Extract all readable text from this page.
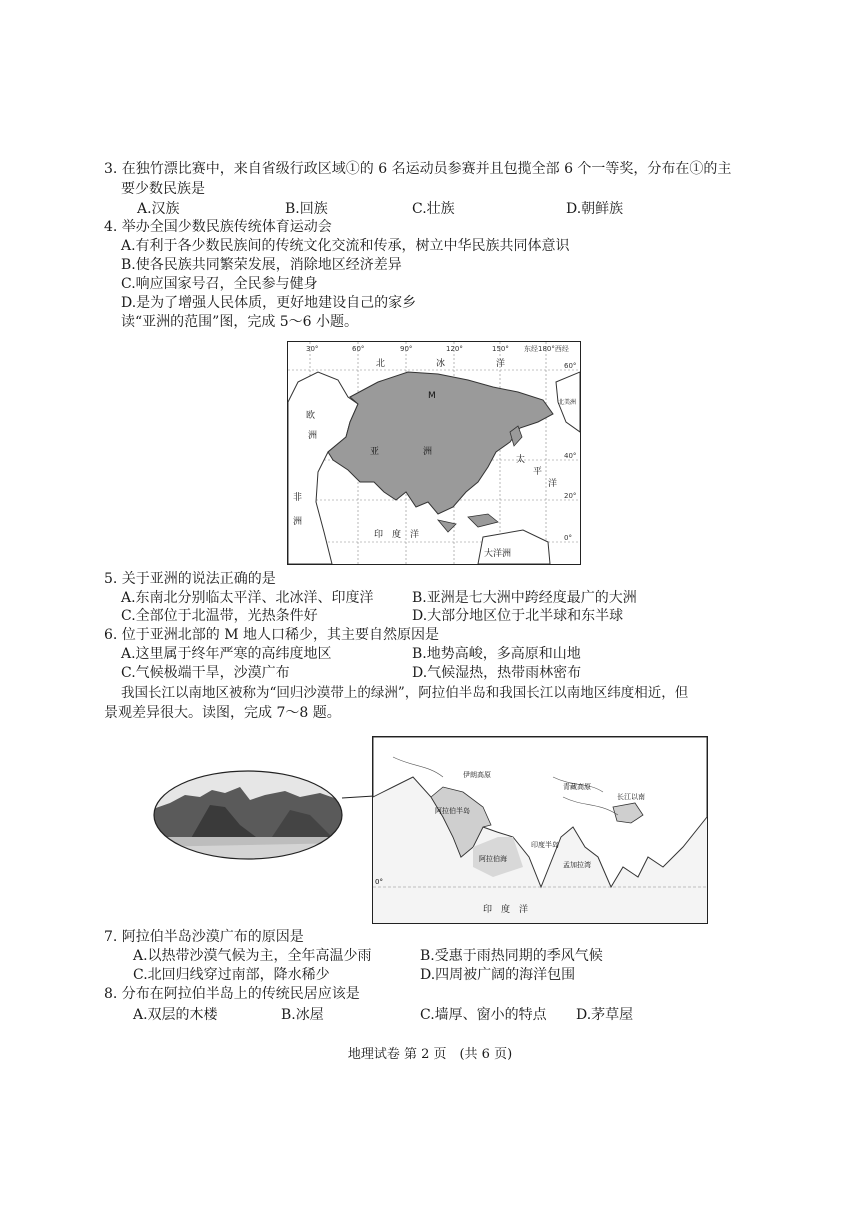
3. 在独竹漂比赛中，来自省级行政区域①的 6 名运动员参赛并且包揽全部 6 个一等奖，分布在①的主
要少数民族是
A.汉族	B.回族	C.壮族	D.朝鲜族
4. 举办全国少数民族传统体育运动会
A.有利于各少数民族间的传统文化交流和传承，树立中华民族共同体意识
B.使各民族共同繁荣发展，消除地区经济差异
C.响应国家号召，全民参与健身
D.是为了增强人民体质，更好地建设自己的家乡
读“亚洲的范围”图，完成 5～6 小题。
30°	60°	90°	120°	150° 东经180°西经
60°
40°
20°
0°
北	冰	洋
欧
洲
M
亚	洲
太
平
洋
非
洲
印　度　洋
大洋洲
北美洲
5. 关于亚洲的说法正确的是
A.东南北分别临太平洋、北冰洋、印度洋	B.亚洲是七大洲中跨经度最广的大洲
C.全部位于北温带，光热条件好	D.大部分地区位于北半球和东半球
6. 位于亚洲北部的 M 地人口稀少，其主要自然原因是
A.这里属于终年严寒的高纬度地区	B.地势高峻，多高原和山地
C.气候极端干旱，沙漠广布	D.气候湿热，热带雨林密布
我国长江以南地区被称为“回归沙漠带上的绿洲”，阿拉伯半岛和我国长江以南地区纬度相近，但
景观差异很大。读图，完成 7～8 题。
阿拉伯半岛
阿拉伯海
印度半岛
孟加拉湾
印　度　洋
伊朗高原
青藏高原
长江以南
0°
7. 阿拉伯半岛沙漠广布的原因是
A.以热带沙漠气候为主，全年高温少雨	B.受惠于雨热同期的季风气候
C.北回归线穿过南部，降水稀少	D.四周被广阔的海洋包围
8. 分布在阿拉伯半岛上的传统民居应该是
A.双层的木楼	B.冰屋	C.墙厚、窗小的特点 D.茅草屋
地理试卷 第 2 页　(共 6 页)
